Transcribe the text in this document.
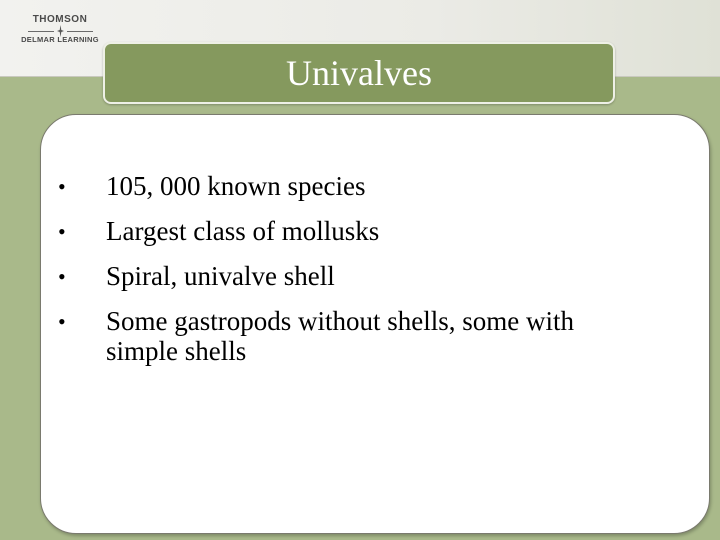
THOMSON
DELMAR LEARNING
Univalves
•	105, 000 known species
•	Largest class of mollusks
•	Spiral, univalve shell
•	Some gastropods without shells, some with
simple shells
